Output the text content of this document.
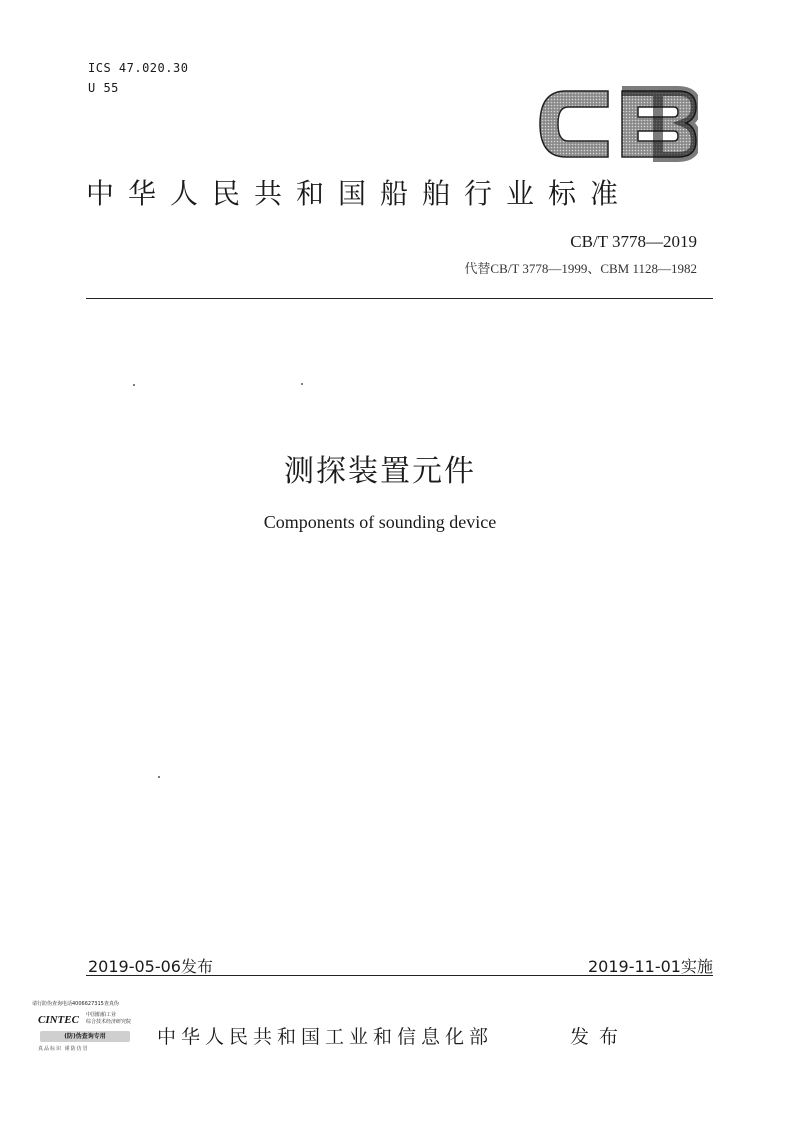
ICS 47.020.30
U 55
中华人民共和国船舶行业标准
CB/T 3778—2019
代替CB/T 3778—1999、CBM 1128—1982
测探装置元件
Components of sounding device
2019-05-06发布	2019-11-01实施
请行防伪查询电话4006627315查真伪
CINTEC 中国船舶工业
综合技术经济研究院
(防)伪查询专用
真品标识 谨防仿冒
中华人民共和国工业和信息化部	发布
